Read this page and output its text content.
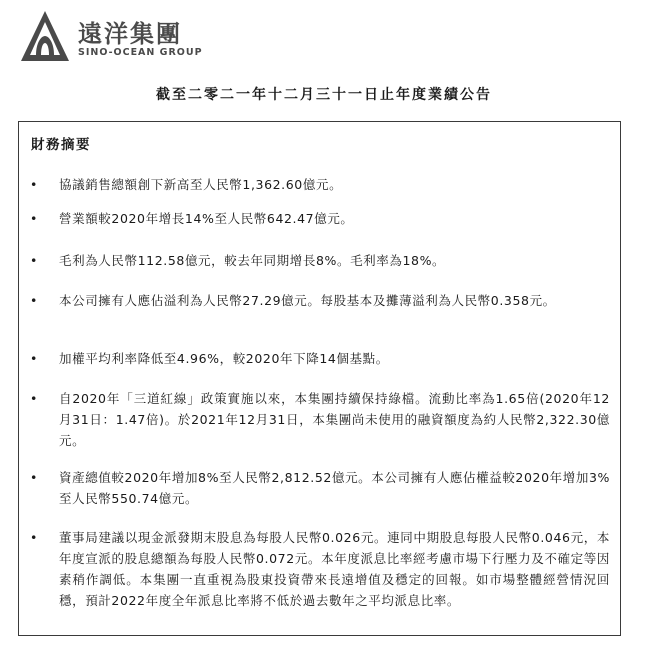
遠洋集團
SINO-OCEAN GROUP
截至二零二一年十二月三十一日止年度業績公告
財務摘要
• 協議銷售總額創下新高至人民幣1,362.60億元。
• 營業額較2020年增長14%至人民幣642.47億元。
• 毛利為人民幣112.58億元，較去年同期增長8%。毛利率為18%。
• 本公司擁有人應佔溢利為人民幣27.29億元。每股基本及攤薄溢利為人民幣0.358元。
• 加權平均利率降低至4.96%，較2020年下降14個基點。
• 自2020年「三道紅線」政策實施以來，本集團持續保持綠檔。流動比率為1.65倍(2020年12月31日：1.47倍)。於2021年12月31日，本集團尚未使用的融資額度為約人民幣2,322.30億元。
• 資產總值較2020年增加8%至人民幣2,812.52億元。本公司擁有人應佔權益較2020年增加3%至人民幣550.74億元。
• 董事局建議以現金派發期末股息為每股人民幣0.026元。連同中期股息每股人民幣0.046元，本年度宣派的股息總額為每股人民幣0.072元。本年度派息比率經考慮市場下行壓力及不確定等因素稍作調低。本集團一直重視為股東投資帶來長遠增值及穩定的回報。如市場整體經營情況回穩，預計2022年度全年派息比率將不低於過去數年之平均派息比率。
